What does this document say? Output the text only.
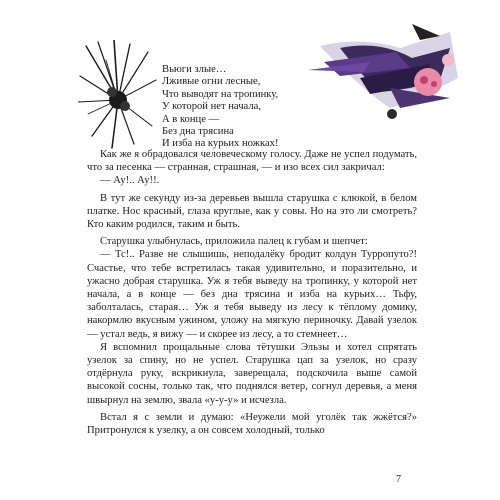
Вьюги злые…
Лживые огни лесные,
Что выводят на тропинку,
У которой нет начала,
А в конце —
Без дна трясина
И изба на курьих ножках!

Как же я обрадовался человеческому голосу. Даже не успел подумать, что за песенка — странная, страшная, — и изо всех сил закричал:

— Ау!.. Ау!!.

В тут же секунду из-за деревьев вышла старушка с клюкой, в белом платке. Нос красный, глаза круглые, как у совы. Но на это ли смотреть? Кто каким родился, таким и быть.

Старушка улыбнулась, приложила палец к губам и шепчет:

— Тс!.. Разве не слышишь, неподалёку бродит колдун Турропуто?! Счастье, что тебе встретилась такая удивительно, и поразительно, и ужасно добрая старушка. Уж я тебя выведу на тропинку, у которой нет начала, а в конце — без дна трясина и изба на курьих… Тьфу, заболталась, старая… Уж я тебя выведу из лесу к тёплому домику, накормлю вкусным ужином, уложу на мягкую периночку. Давай узелок — устал ведь, я вижу — и скорее из лесу, а то стемнеет…

Я вспомнил прощальные слова тётушки Эльзы и хотел спрятать узелок за спину, но не успел. Старушка цап за узелок, но сразу отдёрнула руку, вскрикнула, заверещала, подскочила выше самой высокой сосны, только так, что поднялся ветер, согнул деревья, а меня швырнул на землю, звала «у-у-у» и исчезла.

Встал я с земли и думаю: «Неужели мой уголёк так жжётся?» Притронулся к узелку, а он совсем холодный, только

7
